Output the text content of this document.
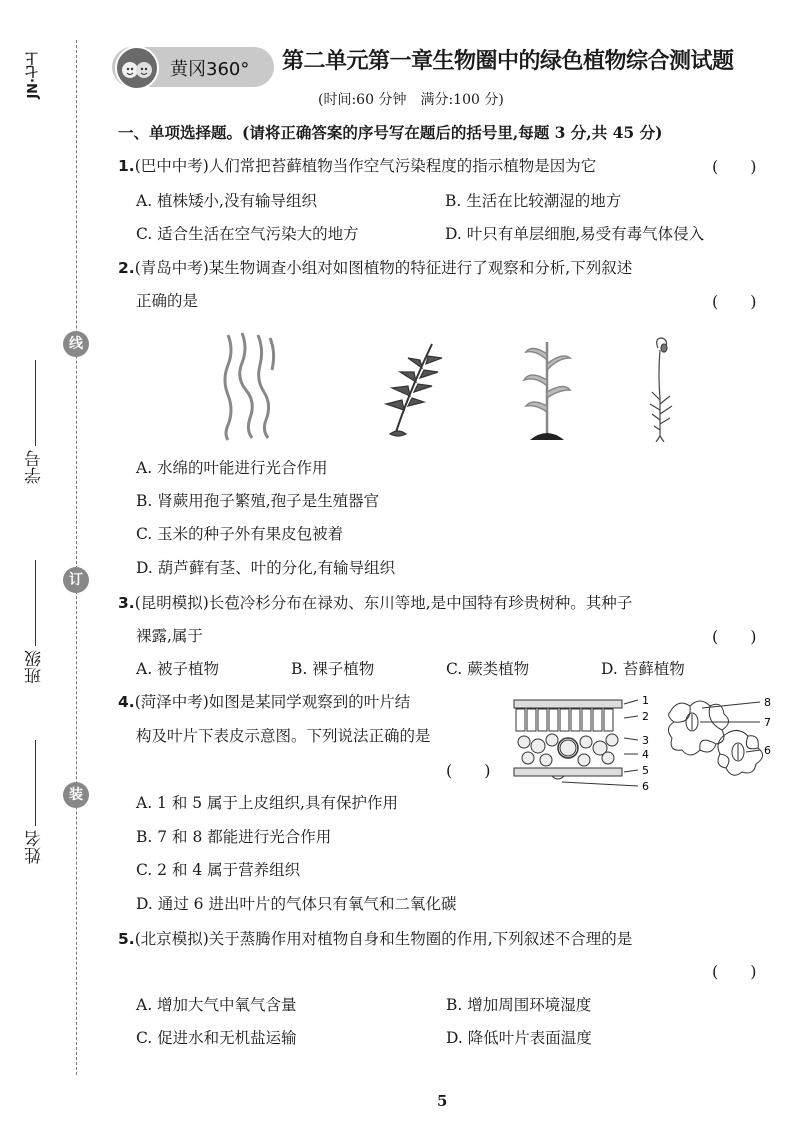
JN·七上
学号
班级
姓名
线
订
装
黄冈360° 第二单元第一章生物圈中的绿色植物综合测试题
(时间:60 分钟　满分:100 分)
一、单项选择题。(请将正确答案的序号写在题后的括号里,每题 3 分,共 45 分)
1.(巴中中考)人们常把苔藓植物当作空气污染程度的指示植物是因为它	(　　)
A. 植株矮小,没有输导组织	B. 生活在比较潮湿的地方
C. 适合生活在空气污染大的地方	D. 叶只有单层细胞,易受有毒气体侵入
2.(青岛中考)某生物调查小组对如图植物的特征进行了观察和分析,下列叙述
正确的是	(　　)
A. 水绵的叶能进行光合作用
B. 肾蕨用孢子繁殖,孢子是生殖器官
C. 玉米的种子外有果皮包被着
D. 葫芦藓有茎、叶的分化,有输导组织
3.(昆明模拟)长苞冷杉分布在禄劝、东川等地,是中国特有珍贵树种。其种子
裸露,属于	(　　)
A. 被子植物	B. 裸子植物	C. 蕨类植物	D. 苔藓植物
4.(菏泽中考)如图是某同学观察到的叶片结
构及叶片下表皮示意图。下列说法正确的是
(　　)
1
2
3
4
5
6
8
7
6
A. 1 和 5 属于上皮组织,具有保护作用
B. 7 和 8 都能进行光合作用
C. 2 和 4 属于营养组织
D. 通过 6 进出叶片的气体只有氧气和二氧化碳
5.(北京模拟)关于蒸腾作用对植物自身和生物圈的作用,下列叙述不合理的是
(　　)
A. 增加大气中氧气含量	B. 增加周围环境湿度
C. 促进水和无机盐运输	D. 降低叶片表面温度
5
